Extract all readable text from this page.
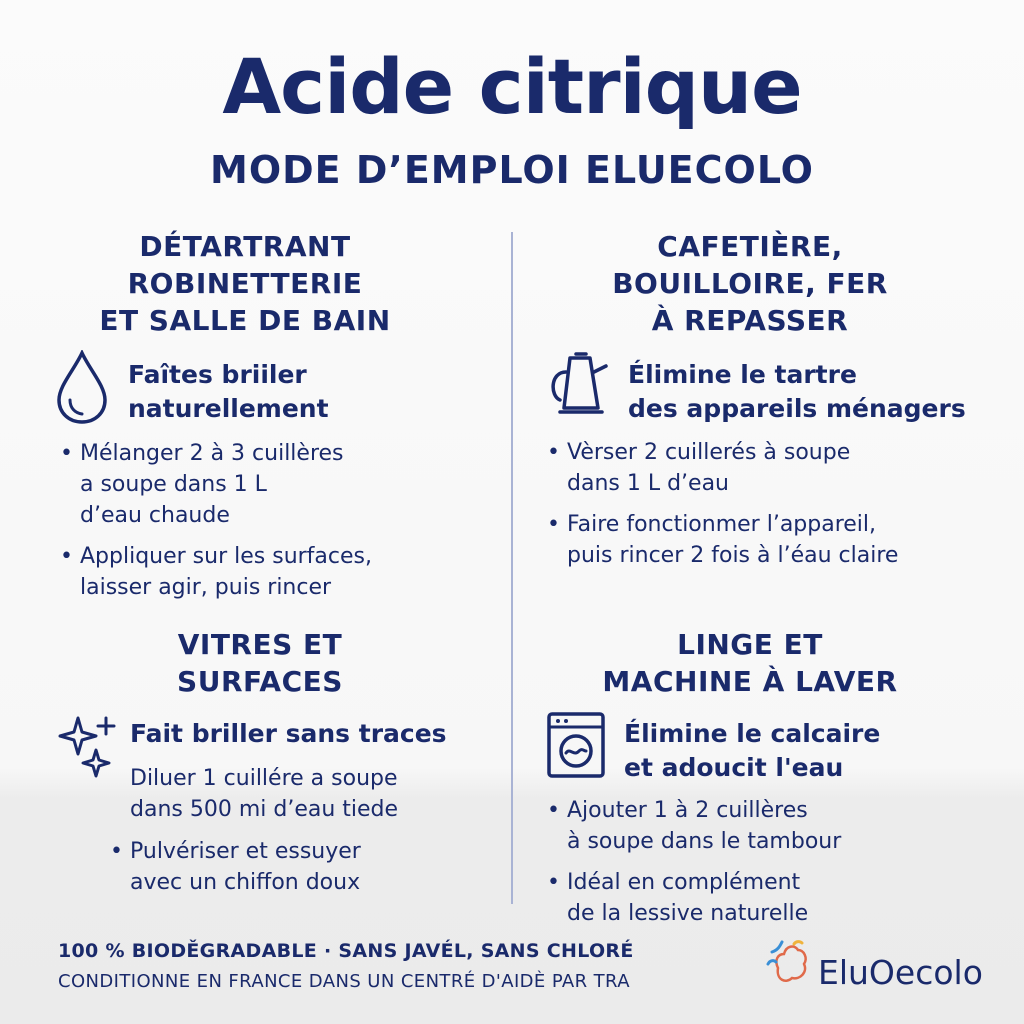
Acide citrique
MODE D’EMPLOI ELUECOLO
DÉTARTRANT
ROBINETTERIE
ET SALLE DE BAIN
Faı̂tes briiler
naturellement
• Mélanger 2 à 3 cuillères
a soupe dans 1 L
d’eau chaude
• Appliquer sur les surfaces,
laisser agir, puis rincer
CAFETIÈRE,
BOUILLOIRE, FER
À REPASSER
Élimine le tartre
des appareils ménagers
• Vèrser 2 cuillerés à soupe
dans 1 L d’eau
• Faire fonctionmer l’appareil,
puis rincer 2 fois à l’éau claire
VITRES ET
SURFACES
Fait briller sans traces
Diluer 1 cuillére a soupe
dans 500 mi d’eau tiede
• Pulvériser et essuyer
avec un chiffon doux
LINGE ET
MACHINE À LAVER
Élimine le calcaire
et adoucit l'eau
• Ajouter 1 à 2 cuillères
à soupe dans le tambour
• Idéal en complément
de la lessive naturelle
100 % BIODĚGRADABLE · SANS JAVÉL, SANS CHLORÉ
CONDITIONNE EN FRANCE DANS UN CENTRÉ D'AIDÈ PAR TRA	EluOecolo
